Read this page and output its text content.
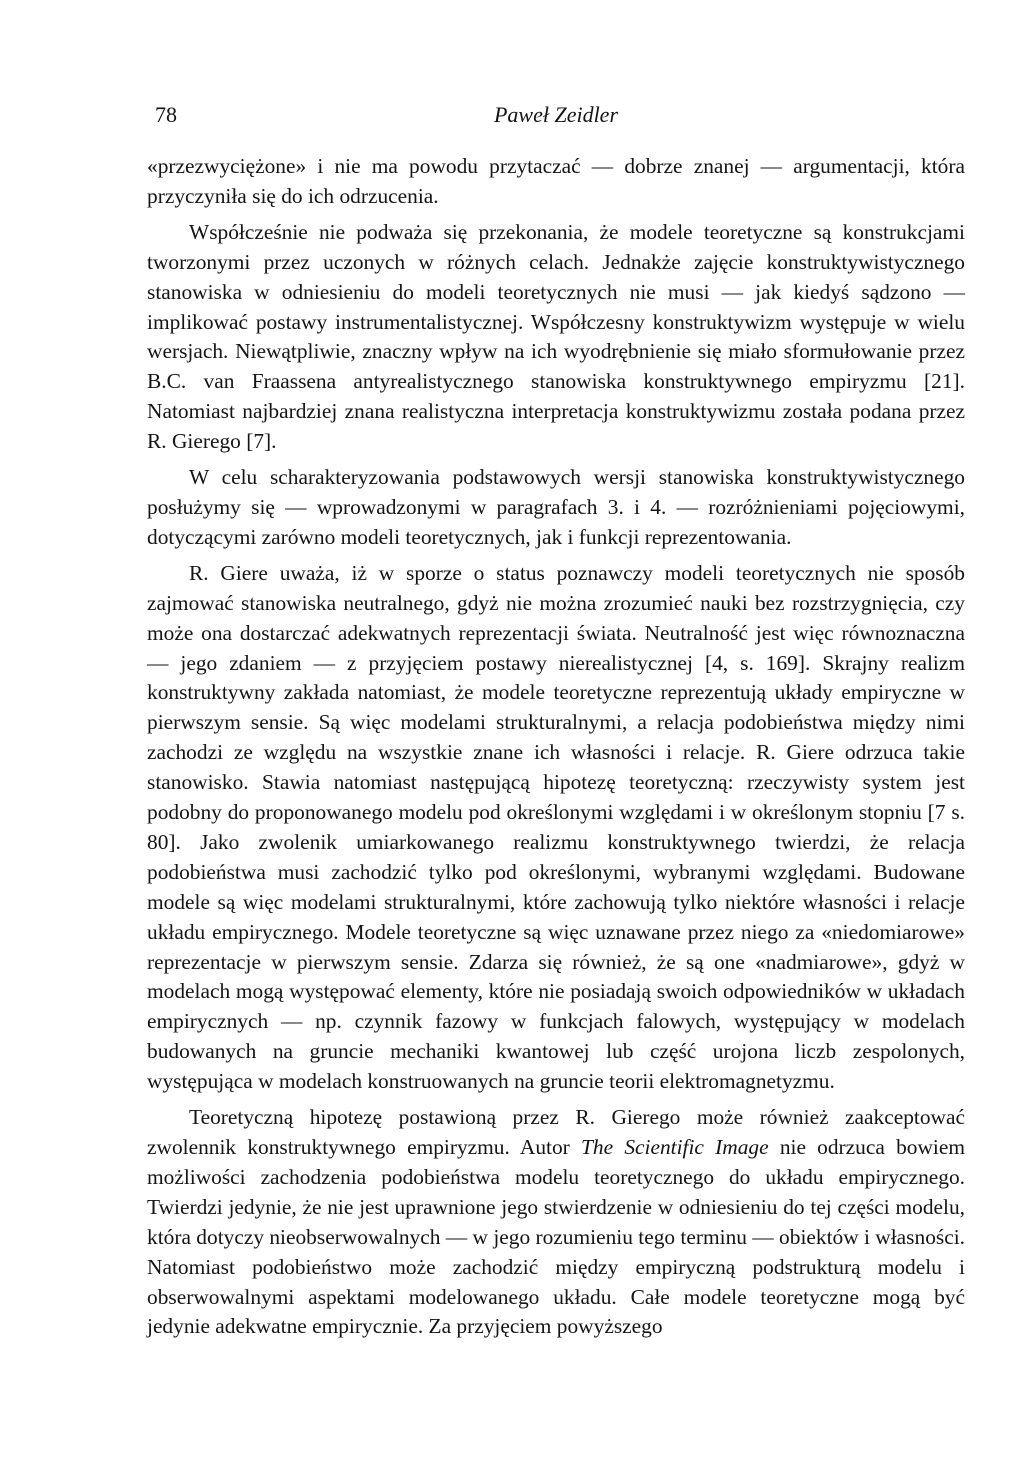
78	Paweł Zeidler

«przezwyciężone» i nie ma powodu przytaczać — dobrze znanej — argumentacji, która przyczyniła się do ich odrzucenia.

Współcześnie nie podważa się przekonania, że modele teoretyczne są konstrukcjami tworzonymi przez uczonych w różnych celach. Jednakże zajęcie konstruktywistycznego stanowiska w odniesieniu do modeli teoretycznych nie musi — jak kiedyś sądzono — implikować postawy instrumentalistycznej. Współczesny konstruktywizm występuje w wielu wersjach. Niewątpliwie, znaczny wpływ na ich wyodrębnienie się miało sformułowanie przez B.C. van Fraassena antyrealistycznego stanowiska konstruktywnego empiryzmu [21]. Natomiast najbardziej znana realistyczna interpretacja konstruktywizmu została podana przez R. Gierego [7].

W celu scharakteryzowania podstawowych wersji stanowiska konstruktywistycznego posłużymy się — wprowadzonymi w paragrafach 3. i 4. — rozróżnieniami pojęciowymi, dotyczącymi zarówno modeli teoretycznych, jak i funkcji reprezentowania.

R. Giere uważa, iż w sporze o status poznawczy modeli teoretycznych nie sposób zajmować stanowiska neutralnego, gdyż nie można zrozumieć nauki bez rozstrzygnięcia, czy może ona dostarczać adekwatnych reprezentacji świata. Neutralność jest więc równoznaczna — jego zdaniem — z przyjęciem postawy nierealistycznej [4, s. 169]. Skrajny realizm konstruktywny zakłada natomiast, że modele teoretyczne reprezentują układy empiryczne w pierwszym sensie. Są więc modelami strukturalnymi, a relacja podobieństwa między nimi zachodzi ze względu na wszystkie znane ich własności i relacje. R. Giere odrzuca takie stanowisko. Stawia natomiast następującą hipotezę teoretyczną: rzeczywisty system jest podobny do proponowanego modelu pod określonymi względami i w określonym stopniu [7 s. 80]. Jako zwolenik umiarkowanego realizmu konstruktywnego twierdzi, że relacja podobieństwa musi zachodzić tylko pod określonymi, wybranymi względami. Budowane modele są więc modelami strukturalnymi, które zachowują tylko niektóre własności i relacje układu empirycznego. Modele teoretyczne są więc uznawane przez niego za «niedomiarowe» reprezentacje w pierwszym sensie. Zdarza się również, że są one «nadmiarowe», gdyż w modelach mogą występować elementy, które nie posiadają swoich odpowiedników w układach empirycznych — np. czynnik fazowy w funkcjach falowych, występujący w modelach budowanych na gruncie mechaniki kwantowej lub część urojona liczb zespolonych, występująca w modelach konstruowanych na gruncie teorii elektromagnetyzmu.

Teoretyczną hipotezę postawioną przez R. Gierego może również zaakceptować zwolennik konstruktywnego empiryzmu. Autor The Scientific Image nie odrzuca bowiem możliwości zachodzenia podobieństwa modelu teoretycznego do układu empirycznego. Twierdzi jedynie, że nie jest uprawnione jego stwierdzenie w odniesieniu do tej części modelu, która dotyczy nieobserwowalnych — w jego rozumieniu tego terminu — obiektów i własności. Natomiast podobieństwo może zachodzić między empiryczną podstrukturą modelu i obserwowalnymi aspektami modelowanego układu. Całe modele teoretyczne mogą być jedynie adekwatne empirycznie. Za przyjęciem powyższego
